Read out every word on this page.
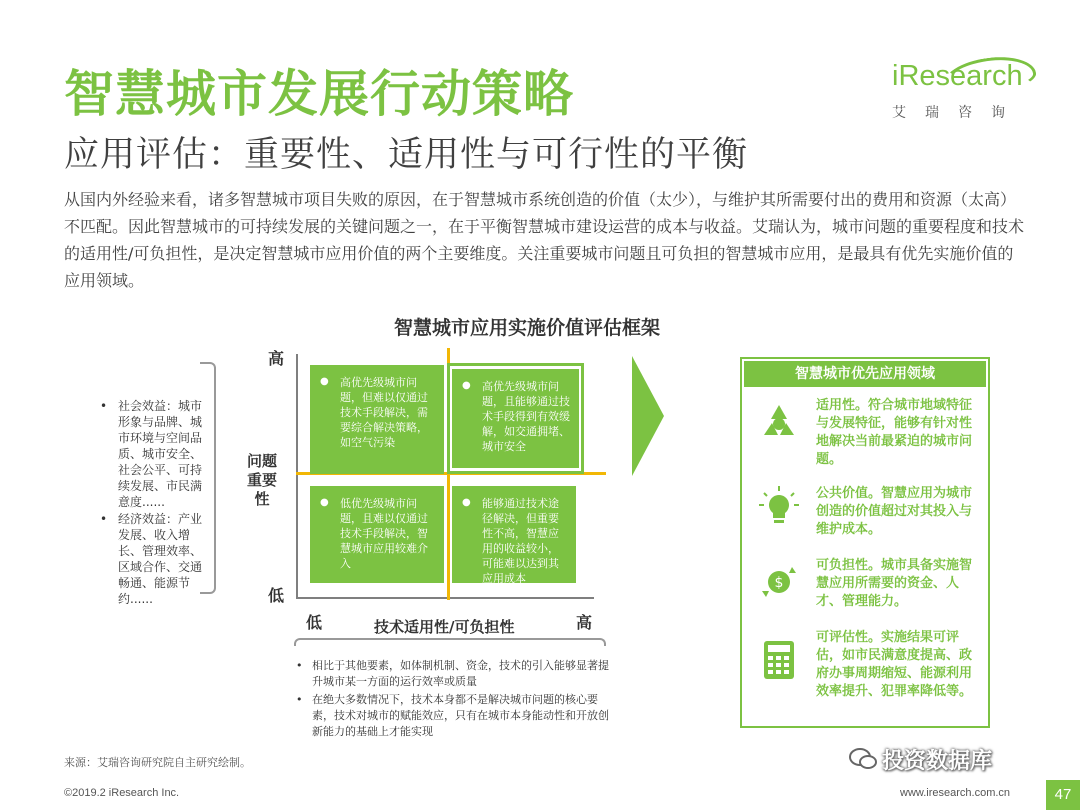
智慧城市发展行动策略
应用评估：重要性、适用性与可行性的平衡
iResearch
艾瑞咨询
从国内外经验来看，诸多智慧城市项目失败的原因，在于智慧城市系统创造的价值（太少），与维护其所需要付出的费用和资源（太高）不匹配。因此智慧城市的可持续发展的关键问题之一，在于平衡智慧城市建设运营的成本与收益。艾瑞认为，城市问题的重要程度和技术的适用性/可负担性，是决定智慧城市应用价值的两个主要维度。关注重要城市问题且可负担的智慧城市应用，是最具有优先实施价值的应用领域。
智慧城市应用实施价值评估框架
• 社会效益：城市形象与品牌、城市环境与空间品质、城市安全、社会公平、可持续发展、市民满意度......
• 经济效益：产业发展、收入增长、管理效率、区域合作、交通畅通、能源节约......
高
低
问题重要性
低	高
技术适用性/可负担性
● 高优先级城市问题，但难以仅通过技术手段解决，需要综合解决策略，如空气污染
● 高优先级城市问题，且能够通过技术手段得到有效缓解，如交通拥堵、城市安全
● 低优先级城市问题，且难以仅通过技术手段解决，智慧城市应用较难介入
● 能够通过技术途径解决，但重要性不高，智慧应用的收益较小，可能难以达到其应用成本
• 相比于其他要素，如体制机制、资金，技术的引入能够显著提升城市某一方面的运行效率或质量
• 在绝大多数情况下，技术本身都不是解决城市问题的核心要素，技术对城市的赋能效应，只有在城市本身能动性和开放创新能力的基础上才能实现
智慧城市优先应用领域
适用性。符合城市地域特征与发展特征，能够有针对性地解决当前最紧迫的城市问题。
公共价值。智慧应用为城市创造的价值超过对其投入与维护成本。
$
可负担性。城市具备实施智慧应用所需要的资金、人才、管理能力。
可评估性。实施结果可评估，如市民满意度提高、政府办事周期缩短、能源利用效率提升、犯罪率降低等。
来源：艾瑞咨询研究院自主研究绘制。
©2019.2 iResearch Inc.	www.iresearch.com.cn	47
投资数据库
